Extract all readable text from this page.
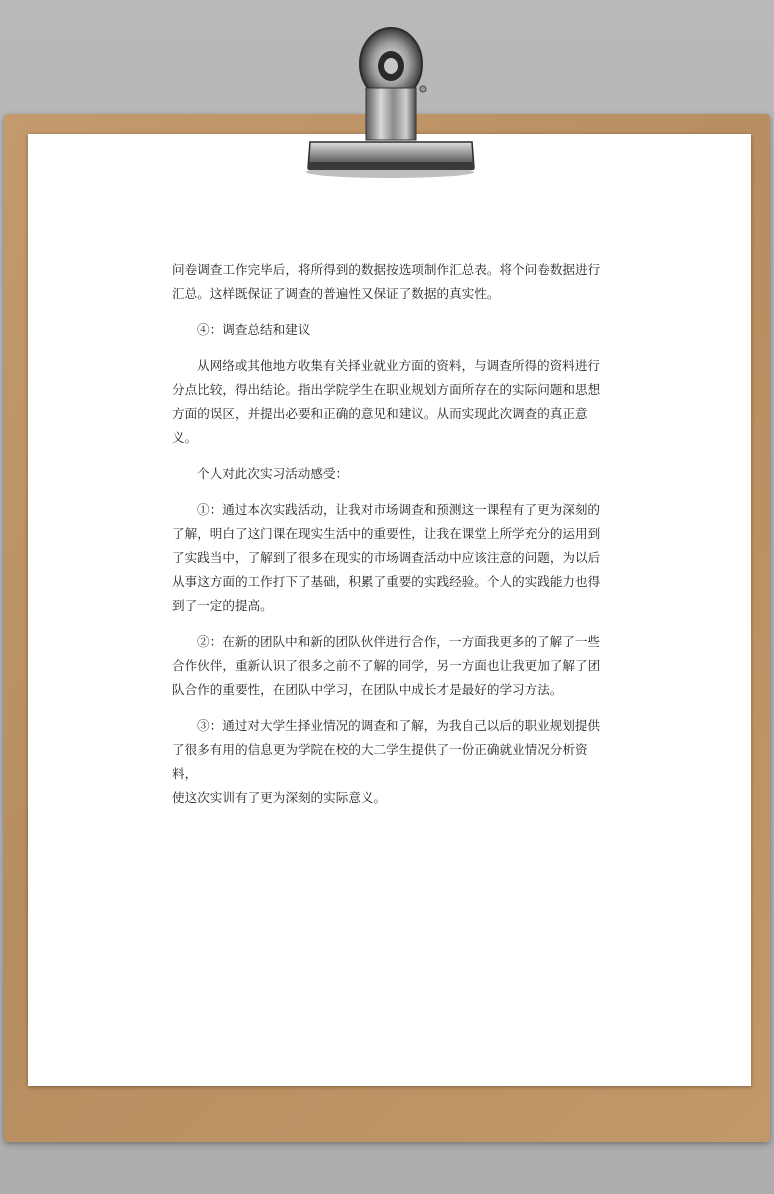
问卷调查工作完毕后，将所得到的数据按选项制作汇总表。将个问卷数据进行
汇总。这样既保证了调查的普遍性又保证了数据的真实性。

④：调查总结和建议

从网络或其他地方收集有关择业就业方面的资料，与调查所得的资料进行
分点比较，得出结论。指出学院学生在职业规划方面所存在的实际问题和思想
方面的误区，并提出必要和正确的意见和建议。从而实现此次调查的真正意义。

个人对此次实习活动感受：

①：通过本次实践活动，让我对市场调查和预测这一课程有了更为深刻的
了解，明白了这门课在现实生活中的重要性，让我在课堂上所学充分的运用到
了实践当中，了解到了很多在现实的市场调查活动中应该注意的问题，为以后
从事这方面的工作打下了基础，积累了重要的实践经验。个人的实践能力也得
到了一定的提高。

②：在新的团队中和新的团队伙伴进行合作，一方面我更多的了解了一些
合作伙伴，重新认识了很多之前不了解的同学，另一方面也让我更加了解了团
队合作的重要性，在团队中学习，在团队中成长才是最好的学习方法。

③：通过对大学生择业情况的调查和了解，为我自己以后的职业规划提供
了很多有用的信息更为学院在校的大二学生提供了一份正确就业情况分析资料，
使这次实训有了更为深刻的实际意义。
